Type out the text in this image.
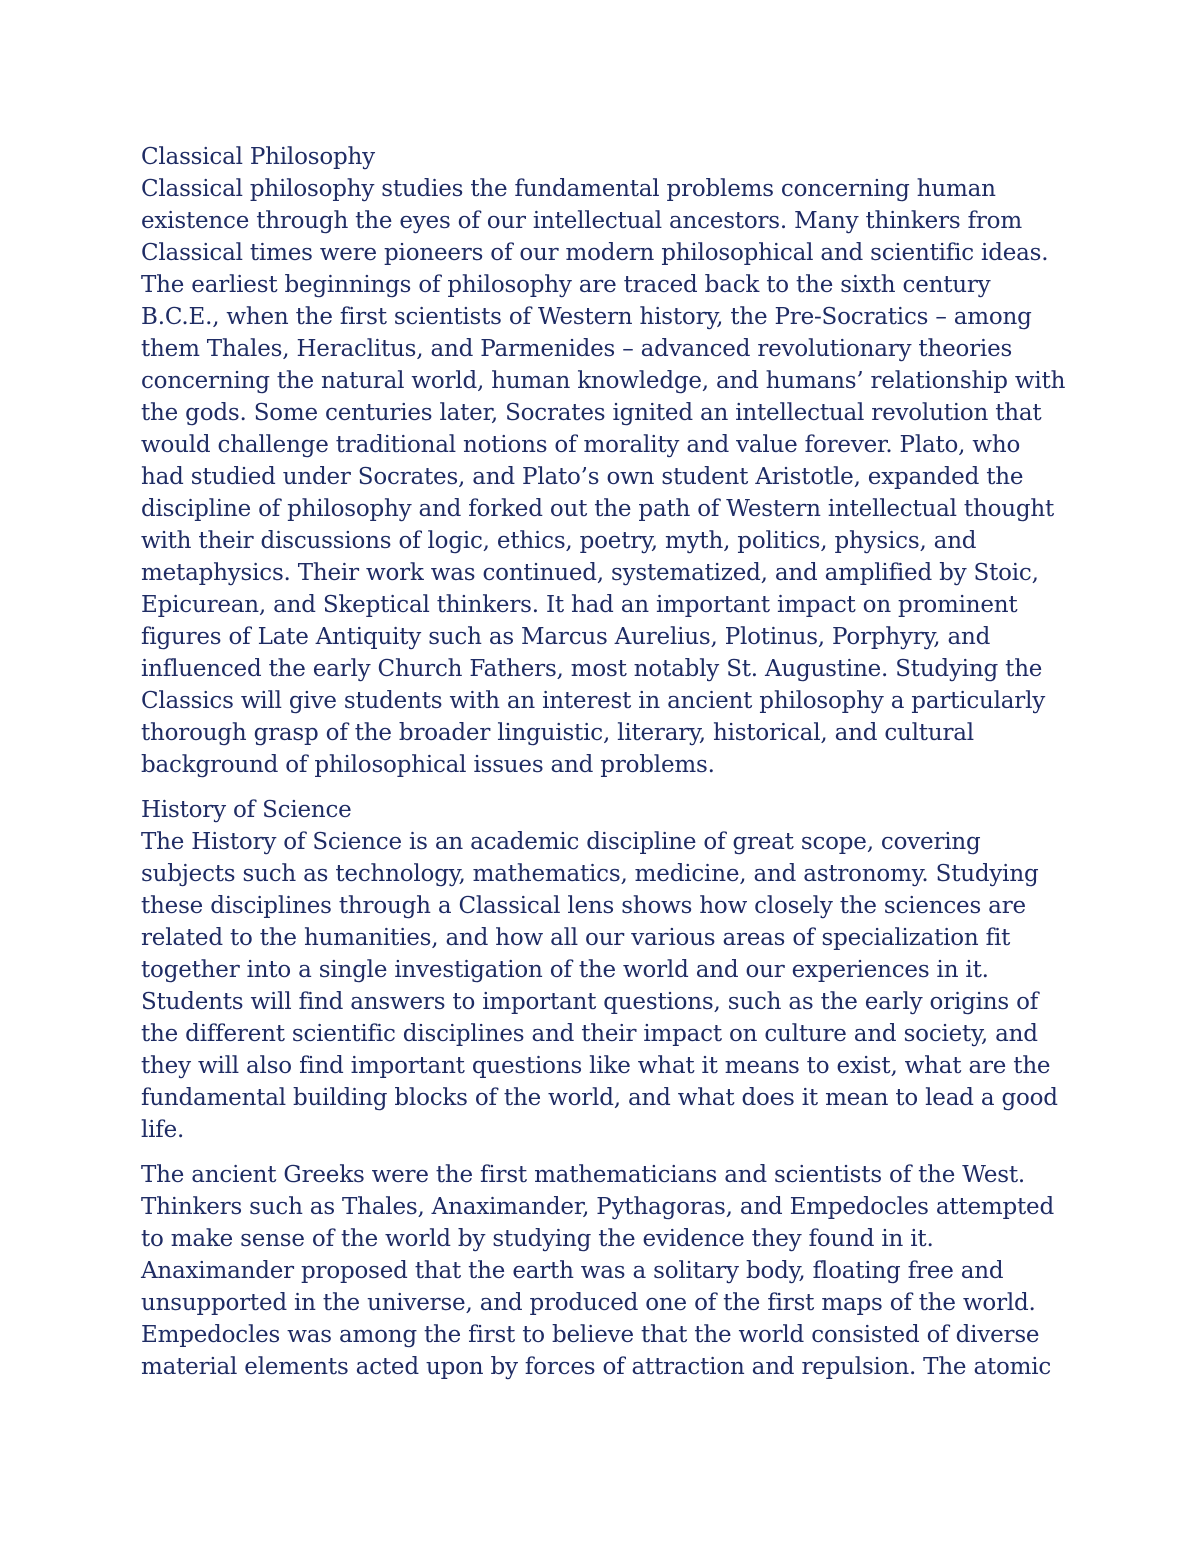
Classical Philosophy
Classical philosophy studies the fundamental problems concerning human existence through the eyes of our intellectual ancestors. Many thinkers from Classical times were pioneers of our modern philosophical and scientific ideas. The earliest beginnings of philosophy are traced back to the sixth century B.C.E., when the first scientists of Western history, the Pre-Socratics – among them Thales, Heraclitus, and Parmenides – advanced revolutionary theories concerning the natural world, human knowledge, and humans’ relationship with the gods. Some centuries later, Socrates ignited an intellectual revolution that would challenge traditional notions of morality and value forever. Plato, who had studied under Socrates, and Plato’s own student Aristotle, expanded the discipline of philosophy and forked out the path of Western intellectual thought with their discussions of logic, ethics, poetry, myth, politics, physics, and metaphysics. Their work was continued, systematized, and amplified by Stoic, Epicurean, and Skeptical thinkers. It had an important impact on prominent figures of Late Antiquity such as Marcus Aurelius, Plotinus, Porphyry, and influenced the early Church Fathers, most notably St. Augustine. Studying the Classics will give students with an interest in ancient philosophy a particularly thorough grasp of the broader linguistic, literary, historical, and cultural background of philosophical issues and problems.
History of Science
The History of Science is an academic discipline of great scope, covering subjects such as technology, mathematics, medicine, and astronomy. Studying these disciplines through a Classical lens shows how closely the sciences are related to the humanities, and how all our various areas of specialization fit together into a single investigation of the world and our experiences in it. Students will find answers to important questions, such as the early origins of the different scientific disciplines and their impact on culture and society, and they will also find important questions like what it means to exist, what are the fundamental building blocks of the world, and what does it mean to lead a good life.
The ancient Greeks were the first mathematicians and scientists of the West. Thinkers such as Thales, Anaximander, Pythagoras, and Empedocles attempted to make sense of the world by studying the evidence they found in it. Anaximander proposed that the earth was a solitary body, floating free and unsupported in the universe, and produced one of the first maps of the world. Empedocles was among the first to believe that the world consisted of diverse material elements acted upon by forces of attraction and repulsion. The atomic
